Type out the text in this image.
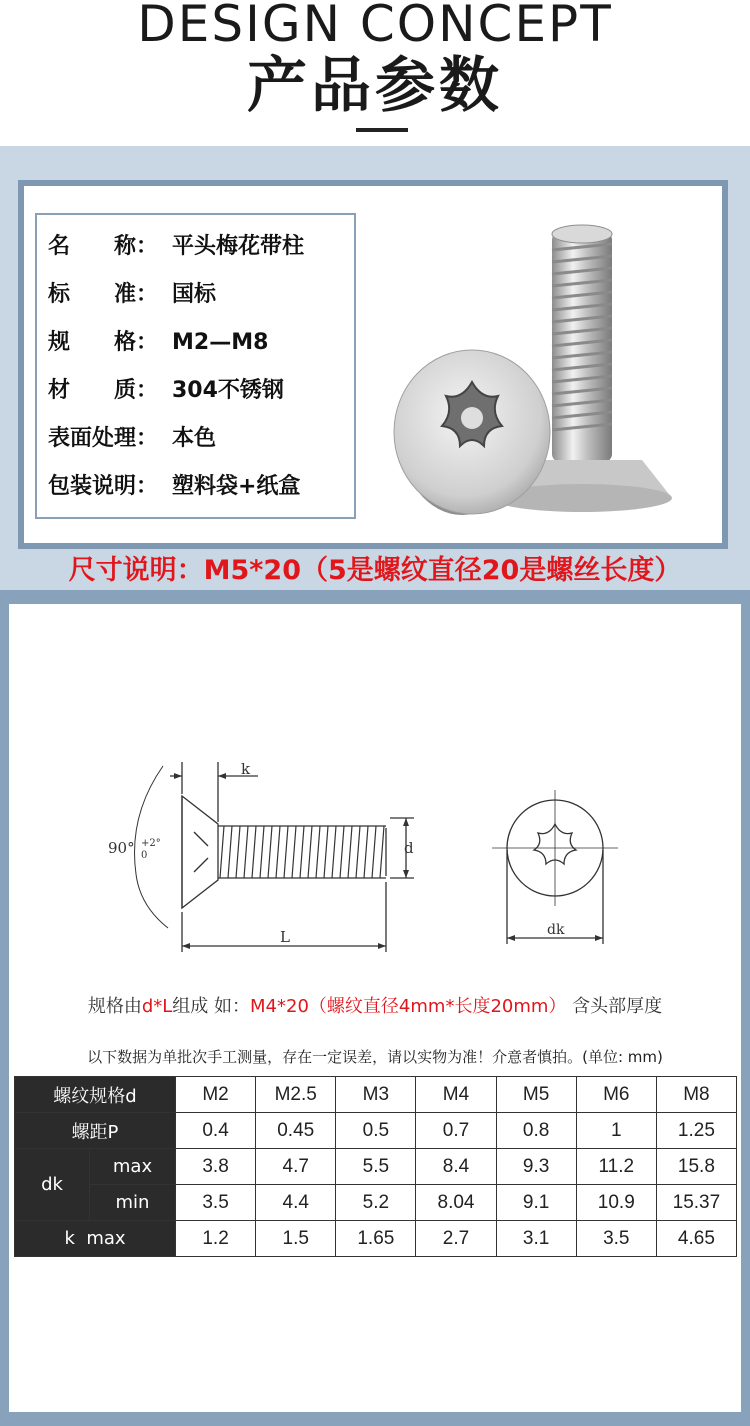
DESIGN CONCEPT
产品参数
名　　称： 平头梅花带柱
标　　准： 国标
规　　格： M2—M8
材　　质： 304不锈钢
表面处理： 本色
包装说明： 塑料袋+纸盒
尺寸说明：M5*20（5是螺纹直径20是螺丝长度）
90° +2°
0
k
d
L	dk
规格由d*L组成 如：M4*20（螺纹直径4mm*长度20mm） 含头部厚度
以下数据为单批次手工测量，存在一定误差，请以实物为准！介意者慎拍。(单位: mm)
螺纹规格d		M2	M2.5	M3	M4	M5	M6	M8
螺距P		0.4	0.45	0.5	0.7	0.8	1	1.25
dk	max	3.8	4.7	5.5	8.4	9.3	11.2	15.8
	min	3.5	4.4	5.2	8.04	9.1	10.9	15.37
k  max		1.2	1.5	1.65	2.7	3.1	3.5	4.65
